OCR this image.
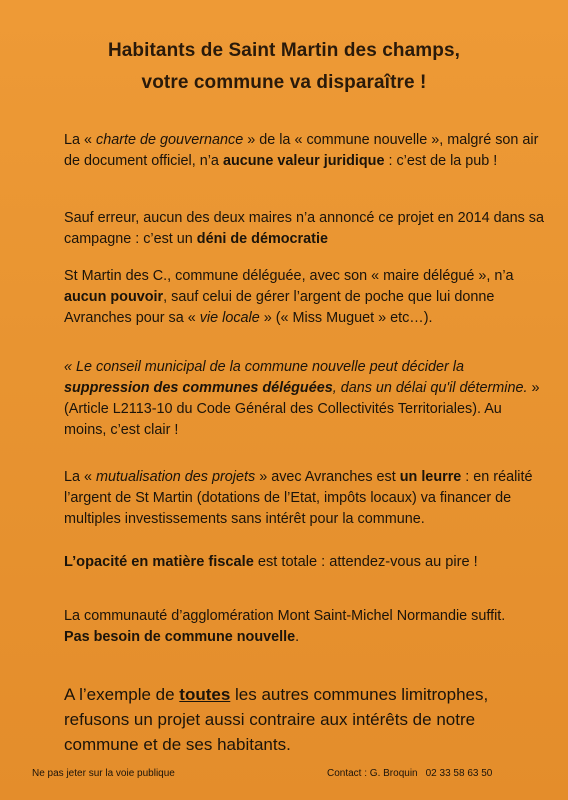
Habitants de Saint Martin des champs,
votre commune va disparaître !
La « charte de gouvernance » de la « commune nouvelle », malgré son air de document officiel, n’a aucune valeur juridique : c’est de la pub !
Sauf erreur, aucun des deux maires n’a annoncé ce projet en 2014 dans sa campagne : c’est un déni de démocratie
St Martin des C., commune déléguée, avec son « maire délégué », n’a aucun pouvoir, sauf celui de gérer l’argent de poche que lui donne Avranches pour sa « vie locale » (« Miss Muguet » etc…).
« Le conseil municipal de la commune nouvelle peut décider la suppression des communes déléguées, dans un délai qu'il détermine. » (Article L2113-10 du Code Général des Collectivités Territoriales). Au moins, c’est clair !
La « mutualisation des projets » avec Avranches est un leurre : en réalité l’argent de St Martin (dotations de l’Etat, impôts locaux) va financer de multiples investissements sans intérêt pour la commune.
L’opacité en matière fiscale est totale : attendez-vous au pire !
La communauté d’agglomération Mont Saint-Michel Normandie suffit.
Pas besoin de commune nouvelle.
A l’exemple de toutes les autres communes limitrophes, refusons un projet aussi contraire aux intérêts de notre commune et de ses habitants.
Ne pas jeter sur la voie publique	Contact : G. Broquin 02 33 58 63 50
